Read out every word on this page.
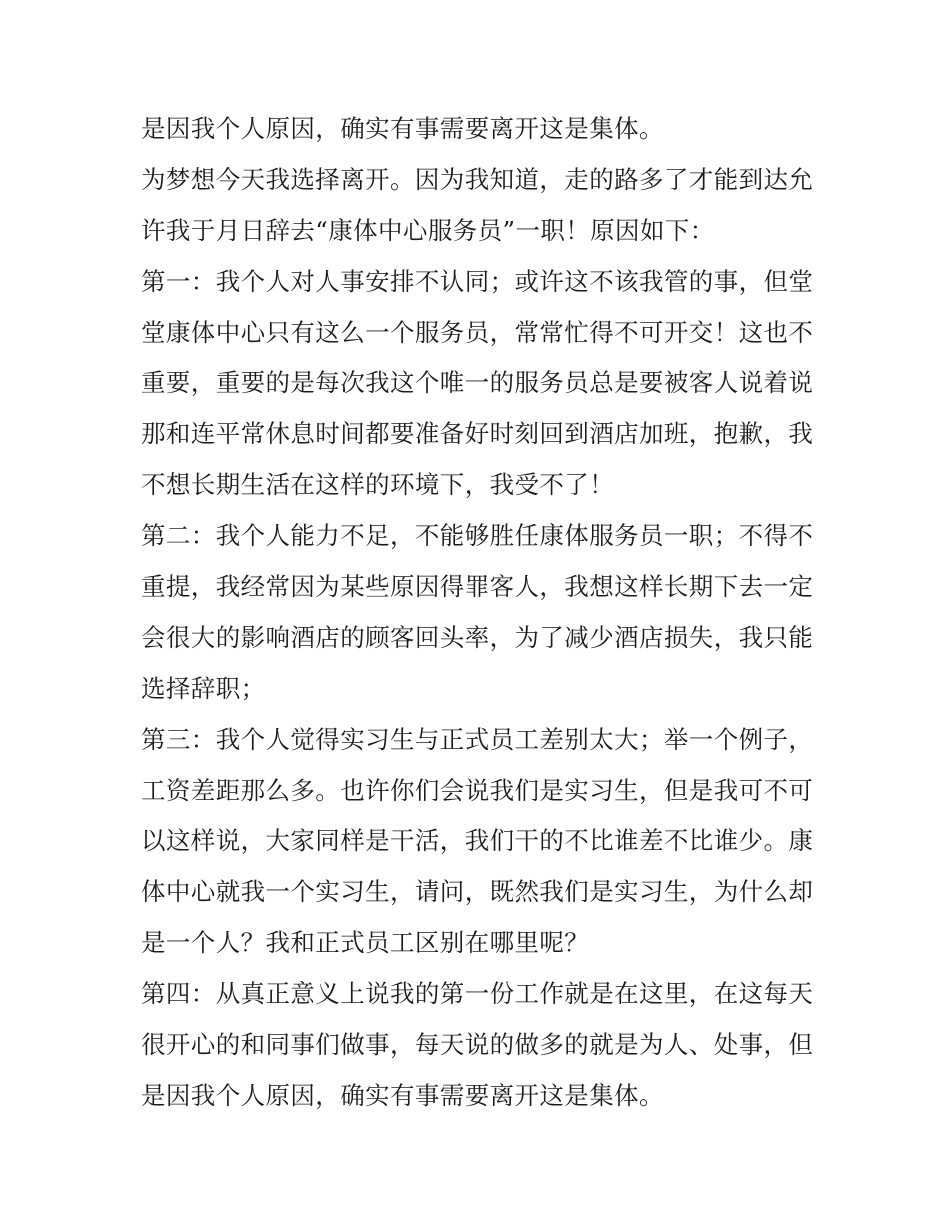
是因我个人原因，确实有事需要离开这是集体。
为梦想今天我选择离开。因为我知道，走的路多了才能到达允
许我于月日辞去“康体中心服务员”一职！原因如下：
第一：我个人对人事安排不认同；或许这不该我管的事，但堂
堂康体中心只有这么一个服务员，常常忙得不可开交！这也不
重要，重要的是每次我这个唯一的服务员总是要被客人说着说
那和连平常休息时间都要准备好时刻回到酒店加班，抱歉，我
不想长期生活在这样的环境下，我受不了！
第二：我个人能力不足，不能够胜任康体服务员一职；不得不
重提，我经常因为某些原因得罪客人，我想这样长期下去一定
会很大的影响酒店的顾客回头率，为了减少酒店损失，我只能
选择辞职；
第三：我个人觉得实习生与正式员工差别太大；举一个例子，
工资差距那么多。也许你们会说我们是实习生，但是我可不可
以这样说，大家同样是干活，我们干的不比谁差不比谁少。康
体中心就我一个实习生，请问，既然我们是实习生，为什么却
是一个人？我和正式员工区别在哪里呢？
第四：从真正意义上说我的第一份工作就是在这里，在这每天
很开心的和同事们做事，每天说的做多的就是为人、处事，但
是因我个人原因，确实有事需要离开这是集体。
